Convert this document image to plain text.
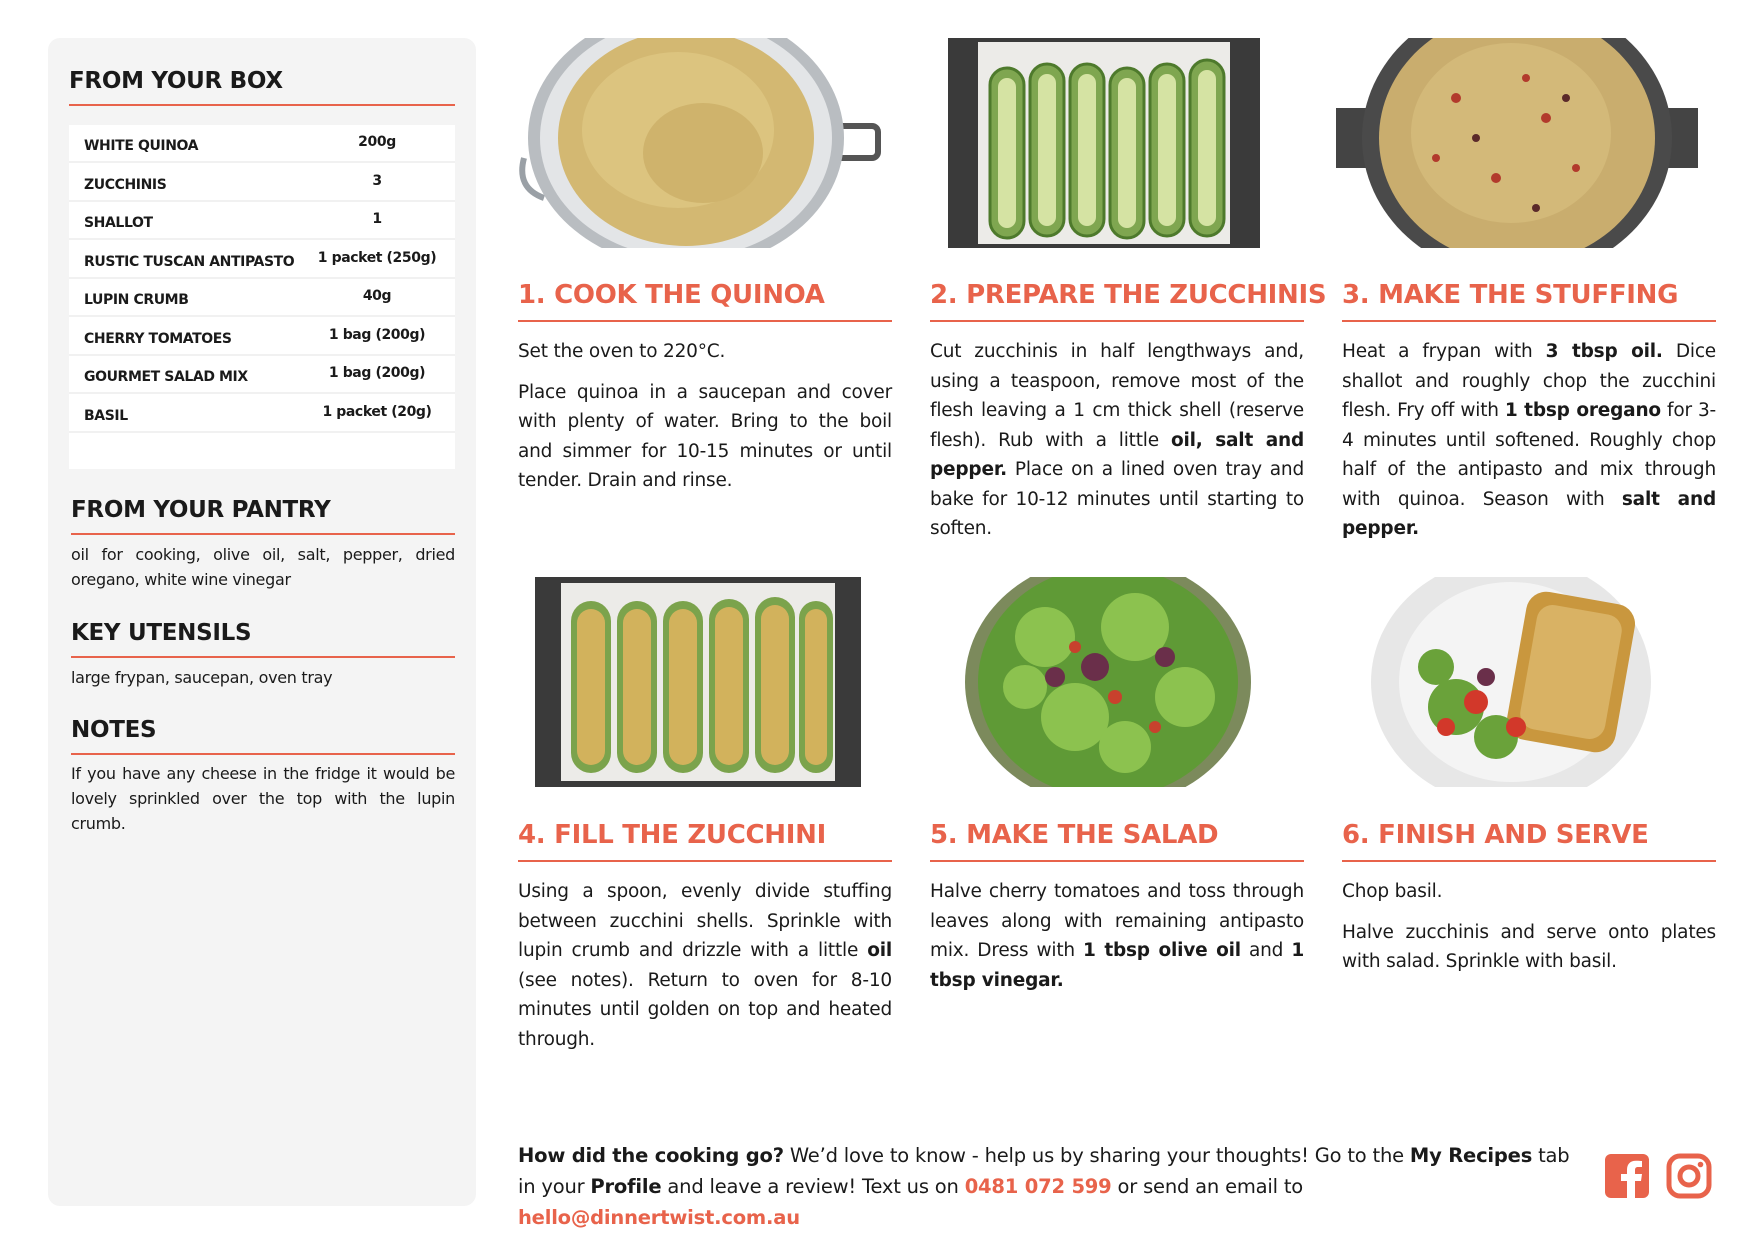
FROM YOUR BOX
WHITE QUINOA	200g
ZUCCHINIS	3
SHALLOT	1
RUSTIC TUSCAN ANTIPASTO	1 packet (250g)
LUPIN CRUMB	40g
CHERRY TOMATOES	1 bag (200g)
GOURMET SALAD MIX	1 bag (200g)
BASIL	1 packet (20g)
FROM YOUR PANTRY
oil for cooking, olive oil, salt, pepper, dried oregano, white wine vinegar
KEY UTENSILS
large frypan, saucepan, oven tray
NOTES
If you have any cheese in the fridge it would be lovely sprinkled over the top with the lupin crumb.
1. COOK THE QUINOA

Set the oven to 220°C.

Place quinoa in a saucepan and cover with plenty of water. Bring to the boil and simmer for 10-15 minutes or until tender. Drain and rinse.

2. PREPARE THE ZUCCHINIS

Cut zucchinis in half lengthways and, using a teaspoon, remove most of the flesh leaving a 1 cm thick shell (reserve flesh). Rub with a little oil, salt and pepper. Place on a lined oven tray and bake for 10-12 minutes until starting to soften.

3. MAKE THE STUFFING

Heat a frypan with 3 tbsp oil. Dice shallot and roughly chop the zucchini flesh. Fry off with 1 tbsp oregano for 3-4 minutes until softened. Roughly chop half of the antipasto and mix through with quinoa. Season with salt and pepper.

4. FILL THE ZUCCHINI

Using a spoon, evenly divide stuffing between zucchini shells. Sprinkle with lupin crumb and drizzle with a little oil (see notes). Return to oven for 8-10 minutes until golden on top and heated through.

5. MAKE THE SALAD

Halve cherry tomatoes and toss through leaves along with remaining antipasto mix. Dress with 1 tbsp olive oil and 1 tbsp vinegar.

6. FINISH AND SERVE

Chop basil.

Halve zucchinis and serve onto plates with salad. Sprinkle with basil.

How did the cooking go? We’d love to know - help us by sharing your thoughts! Go to the My Recipes tab in your Profile and leave a review! Text us on 0481 072 599 or send an email to hello@dinnertwist.com.au
